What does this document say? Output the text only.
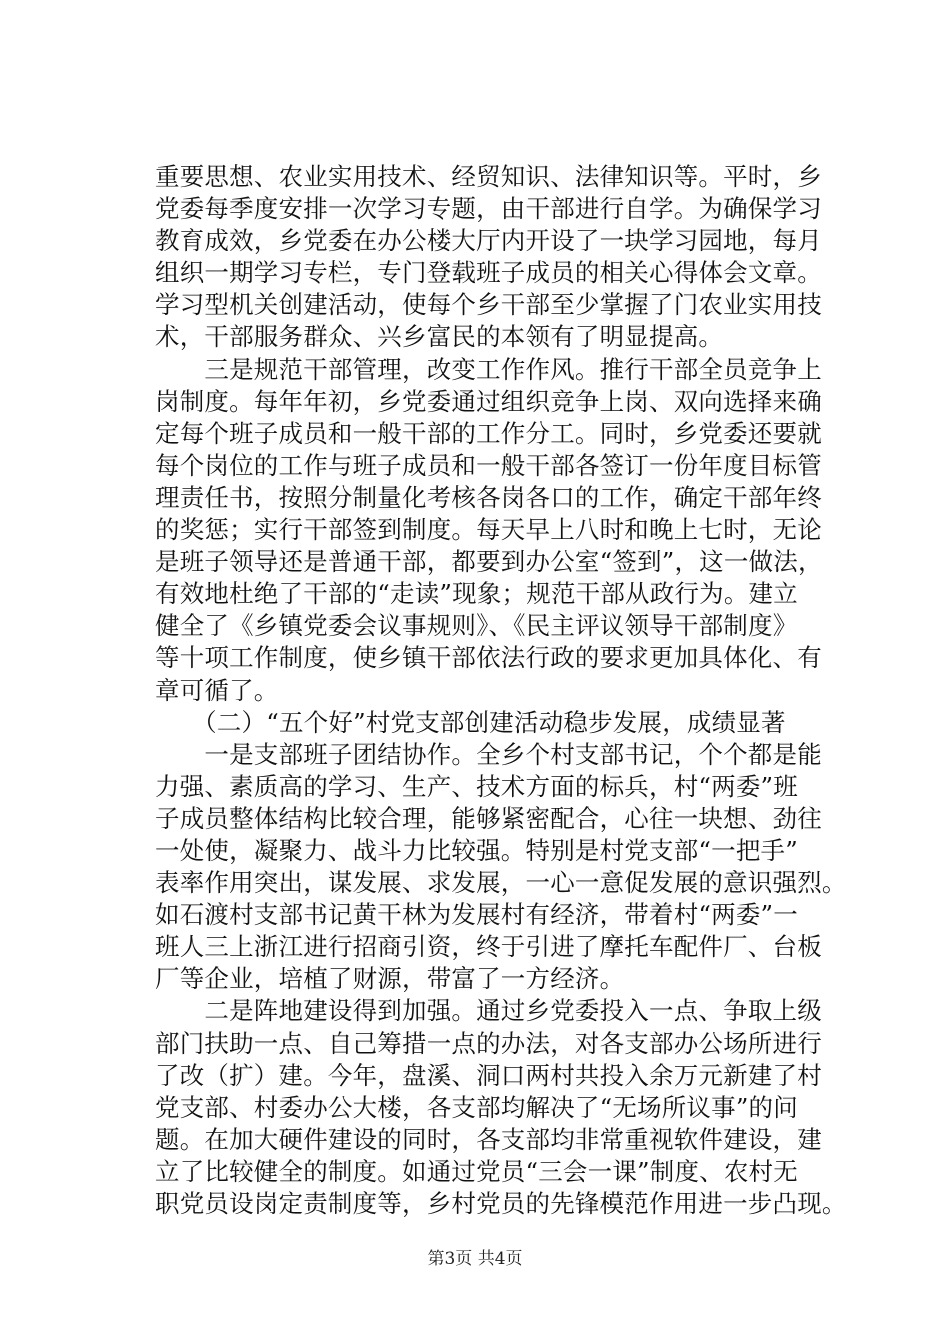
重要思想、农业实用技术、经贸知识、法律知识等。平时，乡
党委每季度安排一次学习专题，由干部进行自学。为确保学习
教育成效，乡党委在办公楼大厅内开设了一块学习园地，每月
组织一期学习专栏，专门登载班子成员的相关心得体会文章。
学习型机关创建活动，使每个乡干部至少掌握了门农业实用技
术，干部服务群众、兴乡富民的本领有了明显提高。
　　三是规范干部管理，改变工作作风。推行干部全员竞争上
岗制度。每年年初，乡党委通过组织竞争上岗、双向选择来确
定每个班子成员和一般干部的工作分工。同时，乡党委还要就
每个岗位的工作与班子成员和一般干部各签订一份年度目标管
理责任书，按照分制量化考核各岗各口的工作，确定干部年终
的奖惩；实行干部签到制度。每天早上八时和晚上七时，无论
是班子领导还是普通干部，都要到办公室“签到”，这一做法，
有效地杜绝了干部的“走读”现象；规范干部从政行为。建立
健全了《乡镇党委会议事规则》、《民主评议领导干部制度》
等十项工作制度，使乡镇干部依法行政的要求更加具体化、有
章可循了。
　　（二）“五个好”村党支部创建活动稳步发展，成绩显著
　　一是支部班子团结协作。全乡个村支部书记，个个都是能
力强、素质高的学习、生产、技术方面的标兵，村“两委”班
子成员整体结构比较合理，能够紧密配合，心往一块想、劲往
一处使，凝聚力、战斗力比较强。特别是村党支部“一把手”
表率作用突出，谋发展、求发展，一心一意促发展的意识强烈。
如石渡村支部书记黄干林为发展村有经济，带着村“两委”一
班人三上浙江进行招商引资，终于引进了摩托车配件厂、台板
厂等企业，培植了财源，带富了一方经济。
　　二是阵地建设得到加强。通过乡党委投入一点、争取上级
部门扶助一点、自己筹措一点的办法，对各支部办公场所进行
了改（扩）建。今年，盘溪、洞口两村共投入余万元新建了村
党支部、村委办公大楼，各支部均解决了“无场所议事”的问
题。在加大硬件建设的同时，各支部均非常重视软件建设，建
立了比较健全的制度。如通过党员“三会一课”制度、农村无
职党员设岗定责制度等，乡村党员的先锋模范作用进一步凸现。
第3页 共4页
